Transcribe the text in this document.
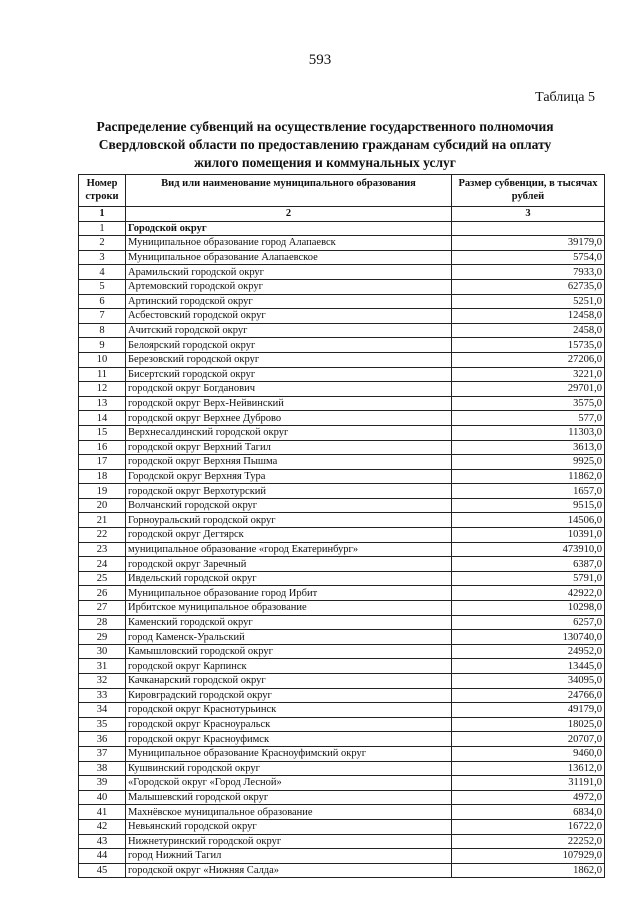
593
Таблица 5
Распределение субвенций на осуществление государственного полномочия
Свердловской области по предоставлению гражданам субсидий на оплату
жилого помещения и коммунальных услуг
Номер строки	Вид или наименование муниципального образования	Размер субвенции, в тысячах рублей
1	2	3
1	Городской округ	
2	Муниципальное образование город Алапаевск	39179,0
3	Муниципальное образование Алапаевское	5754,0
4	Арамильский городской округ	7933,0
5	Артемовский городской округ	62735,0
6	Артинский городской округ	5251,0
7	Асбестовский городской округ	12458,0
8	Ачитский городской округ	2458,0
9	Белоярский городской округ	15735,0
10	Березовский городской округ	27206,0
11	Бисертский городской округ	3221,0
12	городской округ Богданович	29701,0
13	городской округ Верх-Нейвинский	3575,0
14	городской округ Верхнее Дуброво	577,0
15	Верхнесалдинский городской округ	11303,0
16	городской округ Верхний Тагил	3613,0
17	городской округ Верхняя Пышма	9925,0
18	Городской округ Верхняя Тура	11862,0
19	городской округ Верхотурский	1657,0
20	Волчанский городской округ	9515,0
21	Горноуральский городской округ	14506,0
22	городской округ Дегтярск	10391,0
23	муниципальное образование «город Екатеринбург»	473910,0
24	городской округ Заречный	6387,0
25	Ивдельский городской округ	5791,0
26	Муниципальное образование город Ирбит	42922,0
27	Ирбитское муниципальное образование	10298,0
28	Каменский городской округ	6257,0
29	город Каменск-Уральский	130740,0
30	Камышловский городской округ	24952,0
31	городской округ Карпинск	13445,0
32	Качканарский городской округ	34095,0
33	Кировградский городской округ	24766,0
34	городской округ Краснотурьинск	49179,0
35	городской округ Красноуральск	18025,0
36	городской округ Красноуфимск	20707,0
37	Муниципальное образование Красноуфимский округ	9460,0
38	Кушвинский городской округ	13612,0
39	«Городской округ «Город Лесной»	31191,0
40	Малышевский городской округ	4972,0
41	Махнёвское муниципальное образование	6834,0
42	Невьянский городской округ	16722,0
43	Нижнетуринский городской округ	22252,0
44	город Нижний Тагил	107929,0
45	городской округ «Нижняя Салда»	1862,0
